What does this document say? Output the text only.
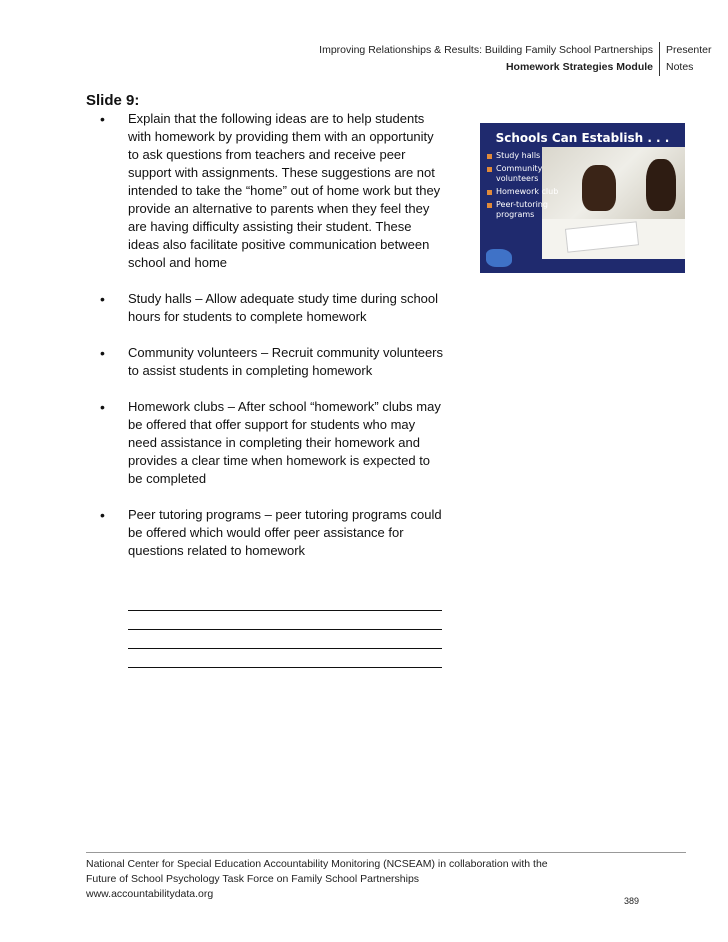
Improving Relationships & Results: Building Family School Partnerships
Homework Strategies Module
Presenter
Notes
Slide 9:
• Explain that the following ideas are to help students with homework by providing them with an opportunity to ask questions from teachers and receive peer support with assignments. These suggestions are not intended to take the “home” out of home work but they provide an alternative to parents when they feel they are having difficulty assisting their student. These ideas also facilitate positive communication between school and home
• Study halls – Allow adequate study time during school hours for students to complete homework
• Community volunteers – Recruit community volunteers to assist students in completing homework
• Homework clubs – After school “homework” clubs may be offered that offer support for students who may need assistance in completing their homework and provides a clear time when homework is expected to be completed
• Peer tutoring programs – peer tutoring programs could be offered which would offer peer assistance for questions related to homework
Schools Can Establish . . .
Study halls
Community volunteers
Homework club
Peer-tutoring programs
National Center for Special Education Accountability Monitoring (NCSEAM) in collaboration with the
Future of School Psychology Task Force on Family School Partnerships
www.accountabilitydata.org
389
